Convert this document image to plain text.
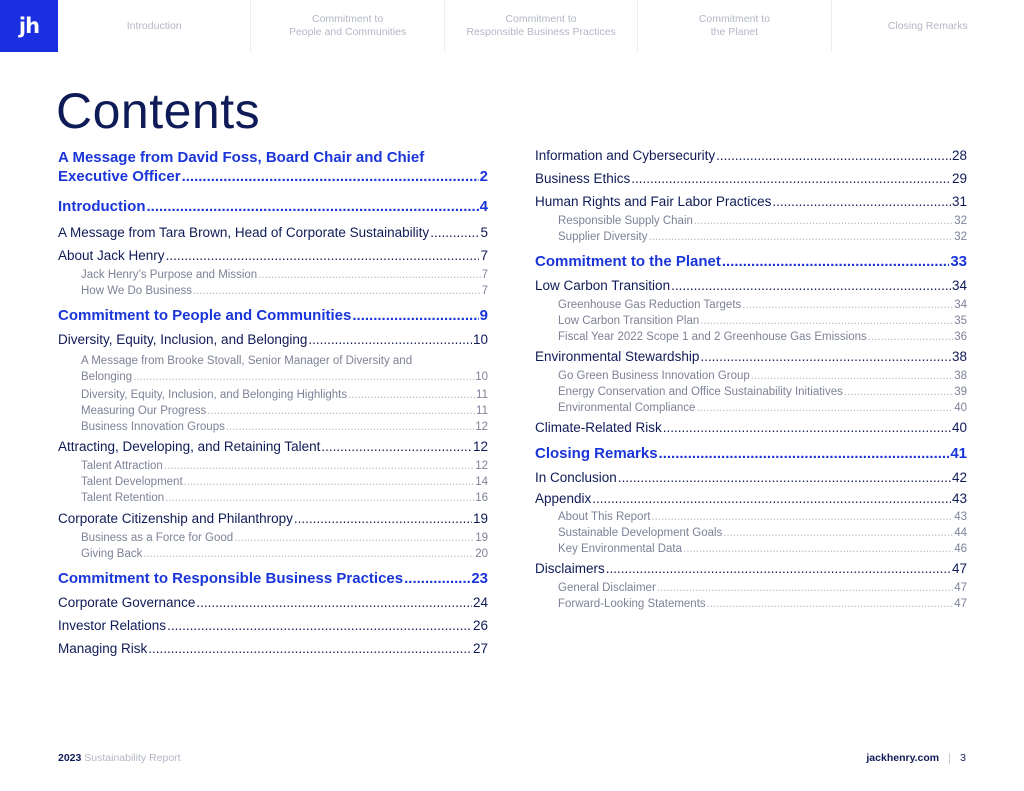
jh	Introduction
Commitment to
People and Communities
Commitment to
Responsible Business Practices
Commitment to
the Planet
Closing Remarks
Contents
A Message from David Foss, Board Chair and Chief
Executive Officer .....	2
Introduction .....	4
A Message from Tara Brown, Head of Corporate Sustainability .....	5
About Jack Henry .....	7
Jack Henry’s Purpose and Mission .....	7
How We Do Business .....	7
Commitment to People and Communities .....	9
Diversity, Equity, Inclusion, and Belonging .....	10
A Message from Brooke Stovall, Senior Manager of Diversity and
Belonging .....	10
Diversity, Equity, Inclusion, and Belonging Highlights .....	11
Measuring Our Progress .....	11
Business Innovation Groups .....	12
Attracting, Developing, and Retaining Talent .....	12
Talent Attraction .....	12
Talent Development .....	14
Talent Retention .....	16
Corporate Citizenship and Philanthropy .....	19
Business as a Force for Good .....	19
Giving Back .....	20
Commitment to Responsible Business Practices .....	23
Corporate Governance .....	24
Investor Relations .....	26
Managing Risk .....	27
Information and Cybersecurity .....	28
Business Ethics .....	29
Human Rights and Fair Labor Practices .....	31
Responsible Supply Chain .....	32
Supplier Diversity .....	32
Commitment to the Planet .....	33
Low Carbon Transition .....	34
Greenhouse Gas Reduction Targets .....	34
Low Carbon Transition Plan .....	35
Fiscal Year 2022 Scope 1 and 2 Greenhouse Gas Emissions .....	36
Environmental Stewardship .....	38
Go Green Business Innovation Group .....	38
Energy Conservation and Office Sustainability Initiatives .....	39
Environmental Compliance .....	40
Climate-Related Risk .....	40
Closing Remarks .....	41
In Conclusion .....	42
Appendix .....	43
About This Report .....	43
Sustainable Development Goals .....	44
Key Environmental Data .....	46
Disclaimers .....	47
General Disclaimer .....	47
Forward-Looking Statements .....	47
2023 Sustainability Report	jackhenry.com 3
